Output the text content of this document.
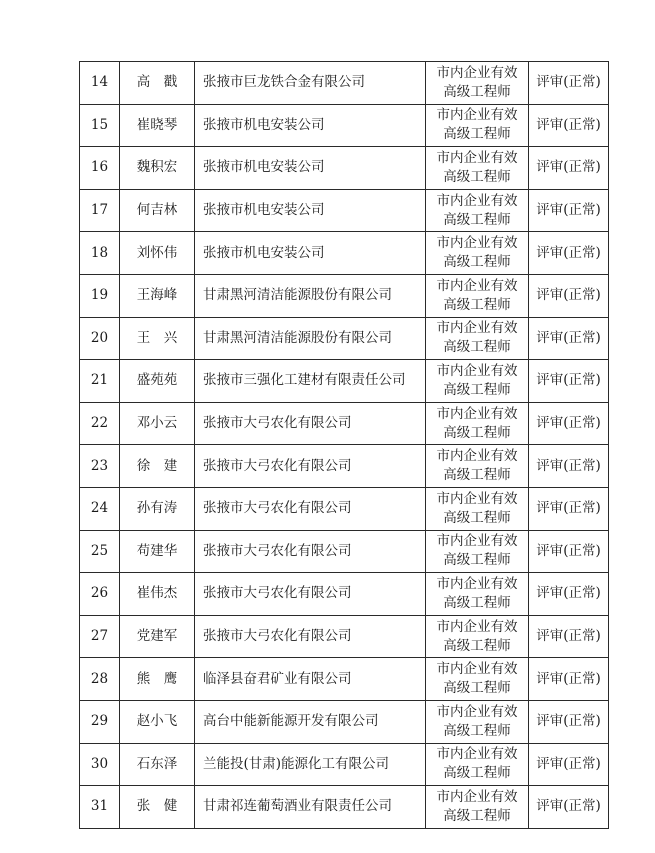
14	高　戳	张掖市巨龙铁合金有限公司	市内企业有效
高级工程师	评审(正常)
15	崔晓琴	张掖市机电安装公司	市内企业有效
高级工程师	评审(正常)
16	魏积宏	张掖市机电安装公司	市内企业有效
高级工程师	评审(正常)
17	何吉林	张掖市机电安装公司	市内企业有效
高级工程师	评审(正常)
18	刘怀伟	张掖市机电安装公司	市内企业有效
高级工程师	评审(正常)
19	王海峰	甘肃黑河清洁能源股份有限公司	市内企业有效
高级工程师	评审(正常)
20	王　兴	甘肃黑河清洁能源股份有限公司	市内企业有效
高级工程师	评审(正常)
21	盛苑苑	张掖市三强化工建材有限责任公司	市内企业有效
高级工程师	评审(正常)
22	邓小云	张掖市大弓农化有限公司	市内企业有效
高级工程师	评审(正常)
23	徐　建	张掖市大弓农化有限公司	市内企业有效
高级工程师	评审(正常)
24	孙有涛	张掖市大弓农化有限公司	市内企业有效
高级工程师	评审(正常)
25	苟建华	张掖市大弓农化有限公司	市内企业有效
高级工程师	评审(正常)
26	崔伟杰	张掖市大弓农化有限公司	市内企业有效
高级工程师	评审(正常)
27	党建军	张掖市大弓农化有限公司	市内企业有效
高级工程师	评审(正常)
28	熊　鹰	临泽县奋君矿业有限公司	市内企业有效
高级工程师	评审(正常)
29	赵小飞	高台中能新能源开发有限公司	市内企业有效
高级工程师	评审(正常)
30	石东泽	兰能投(甘肃)能源化工有限公司	市内企业有效
高级工程师	评审(正常)
31	张　健	甘肃祁连葡萄酒业有限责任公司	市内企业有效
高级工程师	评审(正常)
